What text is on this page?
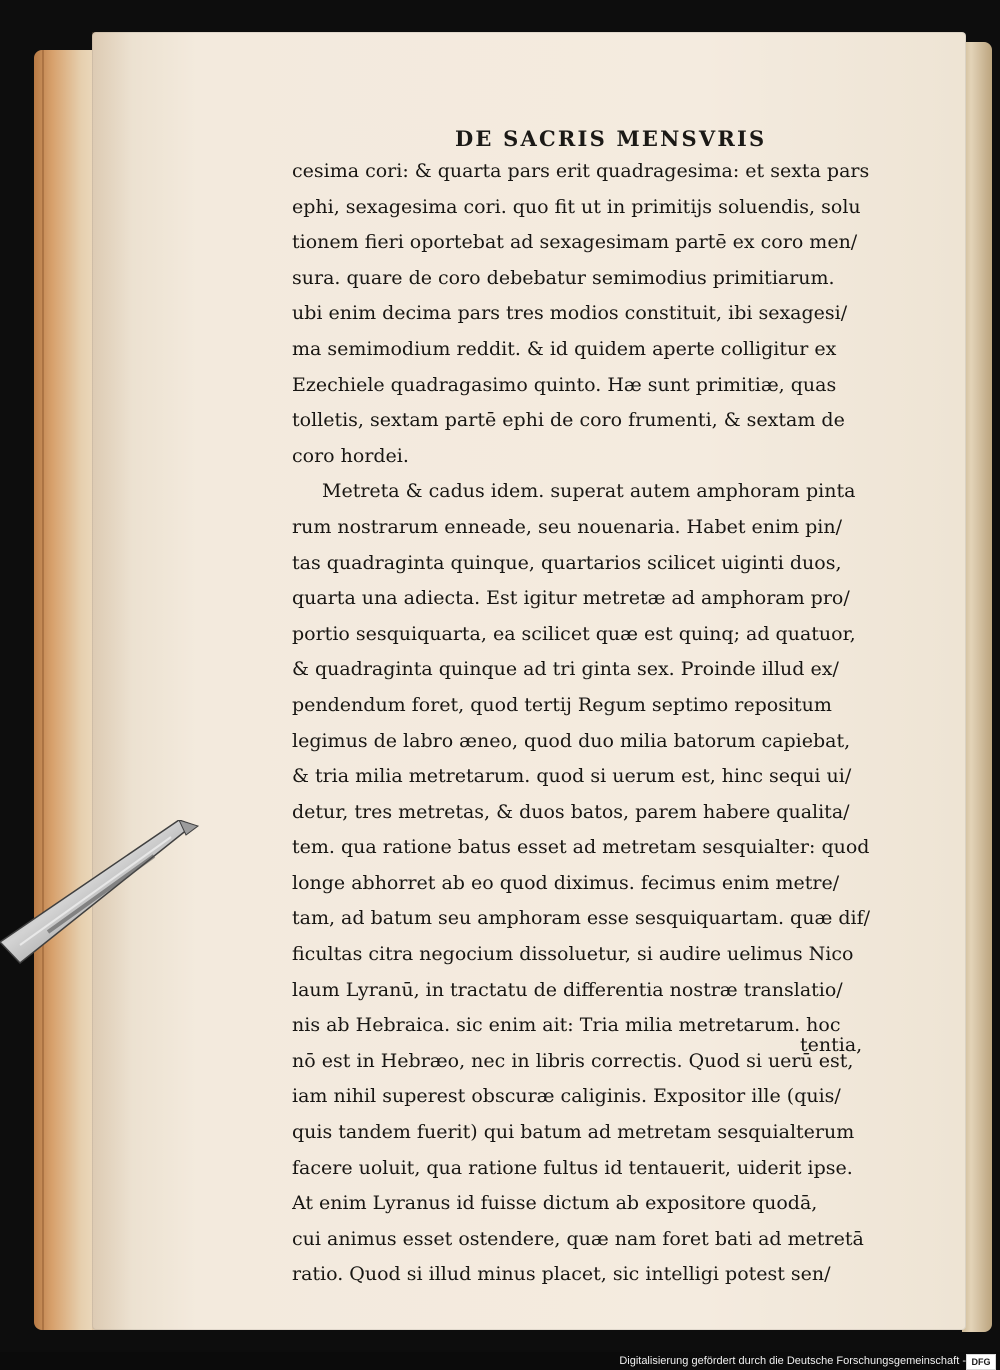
DE SACRIS MENSVRIS

cesima cori: & quarta pars erit quadragesima: et sexta pars

ephi, sexagesima cori. quo fit ut in primitijs soluendis, solu

tionem fieri oportebat ad sexagesimam partē ex coro men/

sura. quare de coro debebatur semimodius primitiarum.

ubi enim decima pars tres modios constituit, ibi sexagesi/

ma semimodium reddit. & id quidem aperte colligitur ex

Ezechiele quadragasimo quinto. Hæ sunt primitiæ, quas

tolletis, sextam partē ephi de coro frumenti, & sextam de

coro hordei.

Metreta & cadus idem. superat autem amphoram pinta

rum nostrarum enneade, seu nouenaria. Habet enim pin/

tas quadraginta quinque, quartarios scilicet uiginti duos,

quarta una adiecta. Est igitur metretæ ad amphoram pro/

portio sesquiquarta, ea scilicet quæ est quinq; ad quatuor,

& quadraginta quinque ad tri ginta sex. Proinde illud ex/

pendendum foret, quod tertij Regum septimo repositum

legimus de labro æneo, quod duo milia batorum capiebat,

& tria milia metretarum. quod si uerum est, hinc sequi ui/

detur, tres metretas, & duos batos, parem habere qualita/

tem. qua ratione batus esset ad metretam sesquialter: quod

longe abhorret ab eo quod diximus. fecimus enim metre/

tam, ad batum seu amphoram esse sesquiquartam. quæ dif/

ficultas citra negocium dissoluetur, si audire uelimus Nico

laum Lyranū, in tractatu de differentia nostræ translatio/

nis ab Hebraica. sic enim ait: Tria milia metretarum. hoc

nō est in Hebræo, nec in libris correctis. Quod si uerū est,

iam nihil superest obscuræ caliginis. Expositor ille (quis/

quis tandem fuerit) qui batum ad metretam sesquialterum

facere uoluit, qua ratione fultus id tentauerit, uiderit ipse.

At enim Lyranus id fuisse dictum ab expositore quodā,

cui animus esset ostendere, quæ nam foret bati ad metretā

ratio. Quod si illud minus placet, sic intelligi potest sen/

tentia,

Digitalisierung gefördert durch die Deutsche Forschungsgemeinschaft - DFG
